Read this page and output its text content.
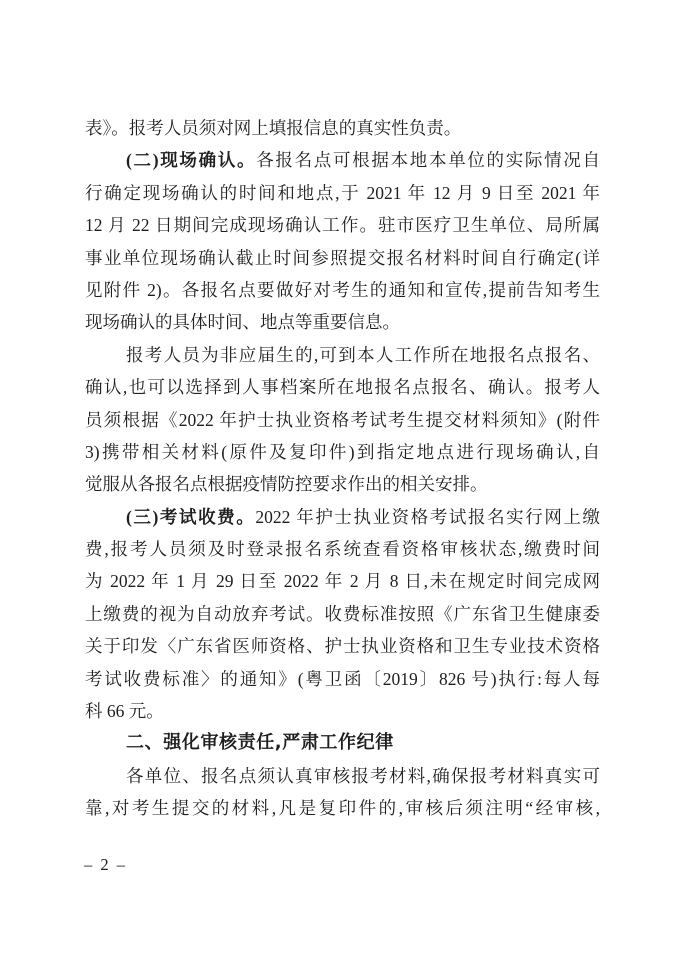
表》。报考人员须对网上填报信息的真实性负责。
(二)现场确认。各报名点可根据本地本单位的实际情况自
行确定现场确认的时间和地点,于 2021 年 12 月 9 日至 2021 年
12 月 22 日期间完成现场确认工作。驻市医疗卫生单位、局所属
事业单位现场确认截止时间参照提交报名材料时间自行确定(详
见附件 2)。各报名点要做好对考生的通知和宣传,提前告知考生
现场确认的具体时间、地点等重要信息。
报考人员为非应届生的,可到本人工作所在地报名点报名、
确认,也可以选择到人事档案所在地报名点报名、确认。报考人
员须根据《2022 年护士执业资格考试考生提交材料须知》(附件
3)携带相关材料(原件及复印件)到指定地点进行现场确认,自
觉服从各报名点根据疫情防控要求作出的相关安排。
(三)考试收费。2022 年护士执业资格考试报名实行网上缴
费,报考人员须及时登录报名系统查看资格审核状态,缴费时间
为 2022 年 1 月 29 日至 2022 年 2 月 8 日,未在规定时间完成网
上缴费的视为自动放弃考试。收费标准按照《广东省卫生健康委
关于印发〈广东省医师资格、护士执业资格和卫生专业技术资格
考试收费标准〉的通知》(粤卫函〔2019〕826 号)执行:每人每
科 66 元。
二、强化审核责任,严肃工作纪律
各单位、报名点须认真审核报考材料,确保报考材料真实可
靠,对考生提交的材料,凡是复印件的,审核后须注明“经审核,
– 2 –
